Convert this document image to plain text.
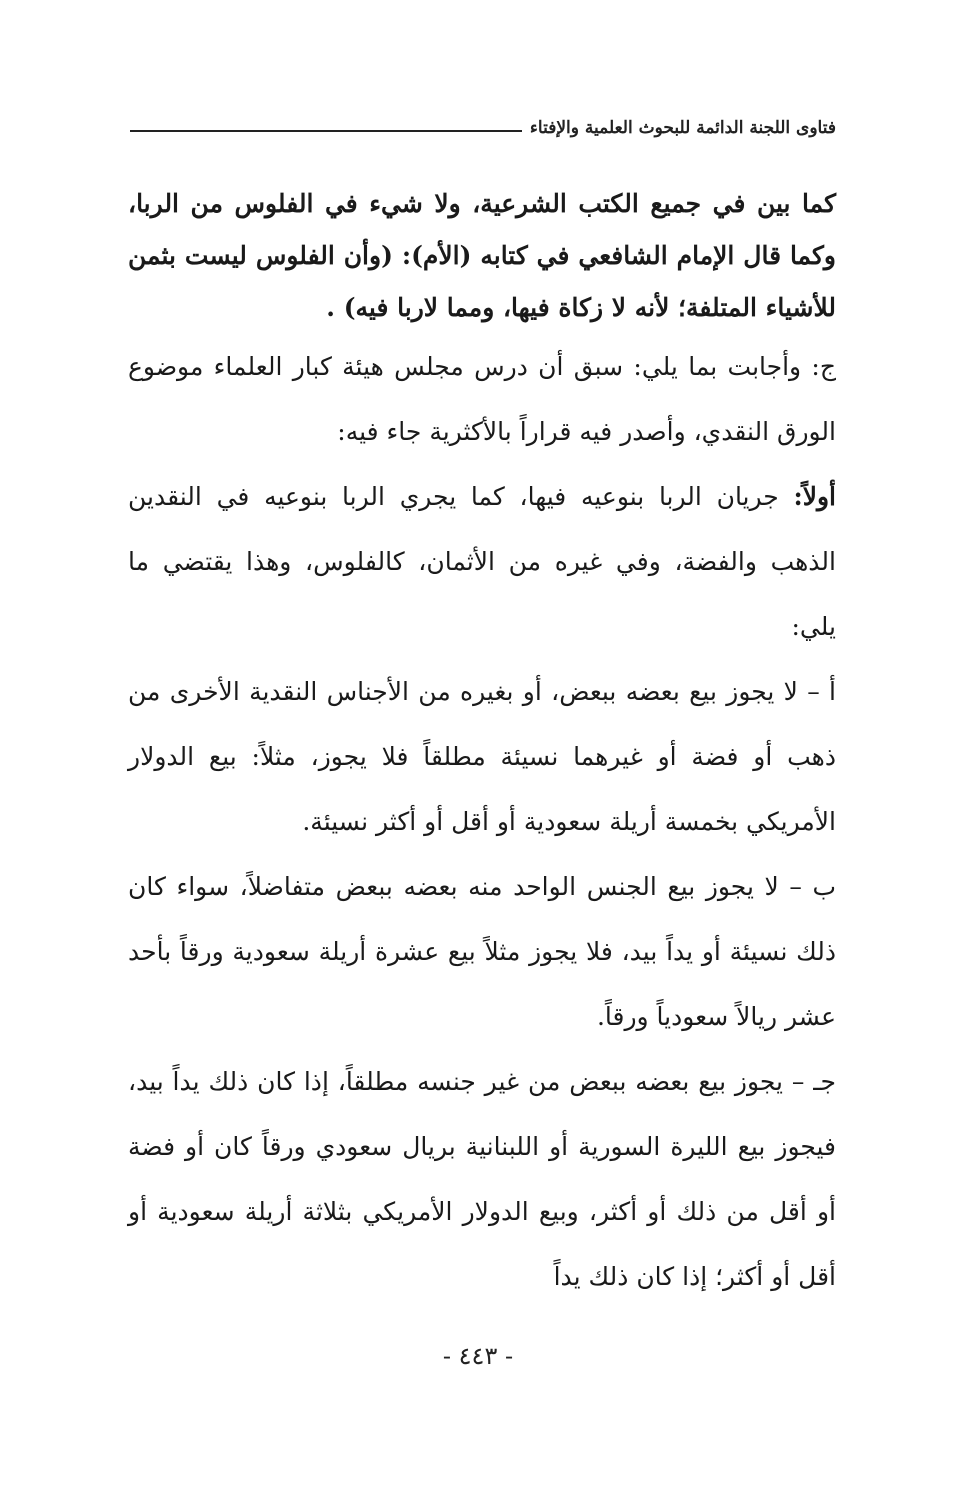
فتاوى اللجنة الدائمة للبحوث العلمية والإفتاء

كما بين في جميع الكتب الشرعية، ولا شيء في الفلوس من الربا، وكما قال الإمام الشافعي في كتابه (الأم): (وأن الفلوس ليست بثمن للأشياء المتلفة؛ لأنه لا زكاة فيها، ومما لاربا فيه) .

ج: وأجابت بما يلي: سبق أن درس مجلس هيئة كبار العلماء موضوع الورق النقدي، وأصدر فيه قراراً بالأكثرية جاء فيه:

أولاً: جريان الربا بنوعيه فيها، كما يجري الربا بنوعيه في النقدين الذهب والفضة، وفي غيره من الأثمان، كالفلوس، وهذا يقتضي ما يلي:

أ – لا يجوز بيع بعضه ببعض، أو بغيره من الأجناس النقدية الأخرى من ذهب أو فضة أو غيرهما نسيئة مطلقاً فلا يجوز، مثلاً: بيع الدولار الأمريكي بخمسة أريلة سعودية أو أقل أو أكثر نسيئة.

ب – لا يجوز بيع الجنس الواحد منه بعضه ببعض متفاضلاً، سواء كان ذلك نسيئة أو يداً بيد، فلا يجوز مثلاً بيع عشرة أريلة سعودية ورقاً بأحد عشر ريالاً سعودياً ورقاً.

جـ – يجوز بيع بعضه ببعض من غير جنسه مطلقاً، إذا كان ذلك يداً بيد، فيجوز بيع الليرة السورية أو اللبنانية بريال سعودي ورقاً كان أو فضة أو أقل من ذلك أو أكثر، وبيع الدولار الأمريكي بثلاثة أريلة سعودية أو أقل أو أكثر؛ إذا كان ذلك يداً

- ٤٤٣ -
